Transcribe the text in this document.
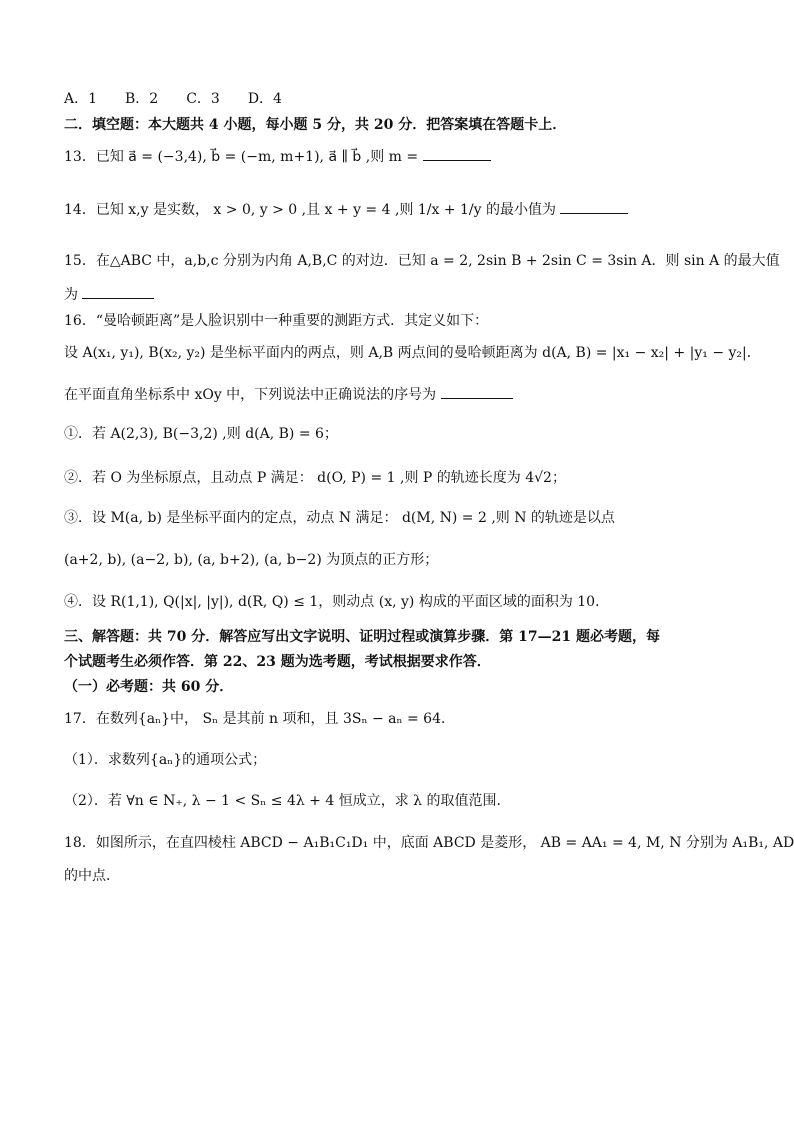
A．1　　B．2　　C．3　　D．4
二．填空题：本大题共 4 小题，每小题 5 分，共 20 分．把答案填在答题卡上．
13．已知 a⃗ = (−3,4), b⃗ = (−m, m+1), a⃗ ∥ b⃗ ,则 m =
14．已知 x,y 是实数， x > 0, y > 0 ,且 x + y = 4 ,则 1/x + 1/y 的最小值为
15．在△ABC 中，a,b,c 分别为内角 A,B,C 的对边．已知 a = 2, 2sin B + 2sin C = 3sin A．则 sin A 的最大值
为
16．“曼哈顿距离”是人脸识别中一种重要的测距方式．其定义如下：
设 A(x₁, y₁), B(x₂, y₂) 是坐标平面内的两点，则 A,B 两点间的曼哈顿距离为 d(A, B) = |x₁ − x₂| + |y₁ − y₂|．
在平面直角坐标系中 xOy 中，下列说法中正确说法的序号为
①．若 A(2,3), B(−3,2) ,则 d(A, B) = 6；
②．若 O 为坐标原点，且动点 P 满足： d(O, P) = 1 ,则 P 的轨迹长度为 4√2；
③．设 M(a, b) 是坐标平面内的定点，动点 N 满足： d(M, N) = 2 ,则 N 的轨迹是以点
(a+2, b), (a−2, b), (a, b+2), (a, b−2) 为顶点的正方形；
④．设 R(1,1), Q(|x|, |y|), d(R, Q) ≤ 1，则动点 (x, y) 构成的平面区域的面积为 10．
三、解答题：共 70 分．解答应写出文字说明、证明过程或演算步骤．第 17—21 题必考题，每
个试题考生必须作答．第 22、23 题为选考题，考试根据要求作答．
（一）必考题：共 60 分．
17．在数列{aₙ}中， Sₙ 是其前 n 项和，且 3Sₙ − aₙ = 64．
（1）．求数列{aₙ}的通项公式；
（2）．若 ∀n ∈ N₊, λ − 1 < Sₙ ≤ 4λ + 4 恒成立，求 λ 的取值范围．
18．如图所示，在直四棱柱 ABCD − A₁B₁C₁D₁ 中，底面 ABCD 是菱形， AB = AA₁ = 4, M, N 分别为 A₁B₁, AD
的中点．
